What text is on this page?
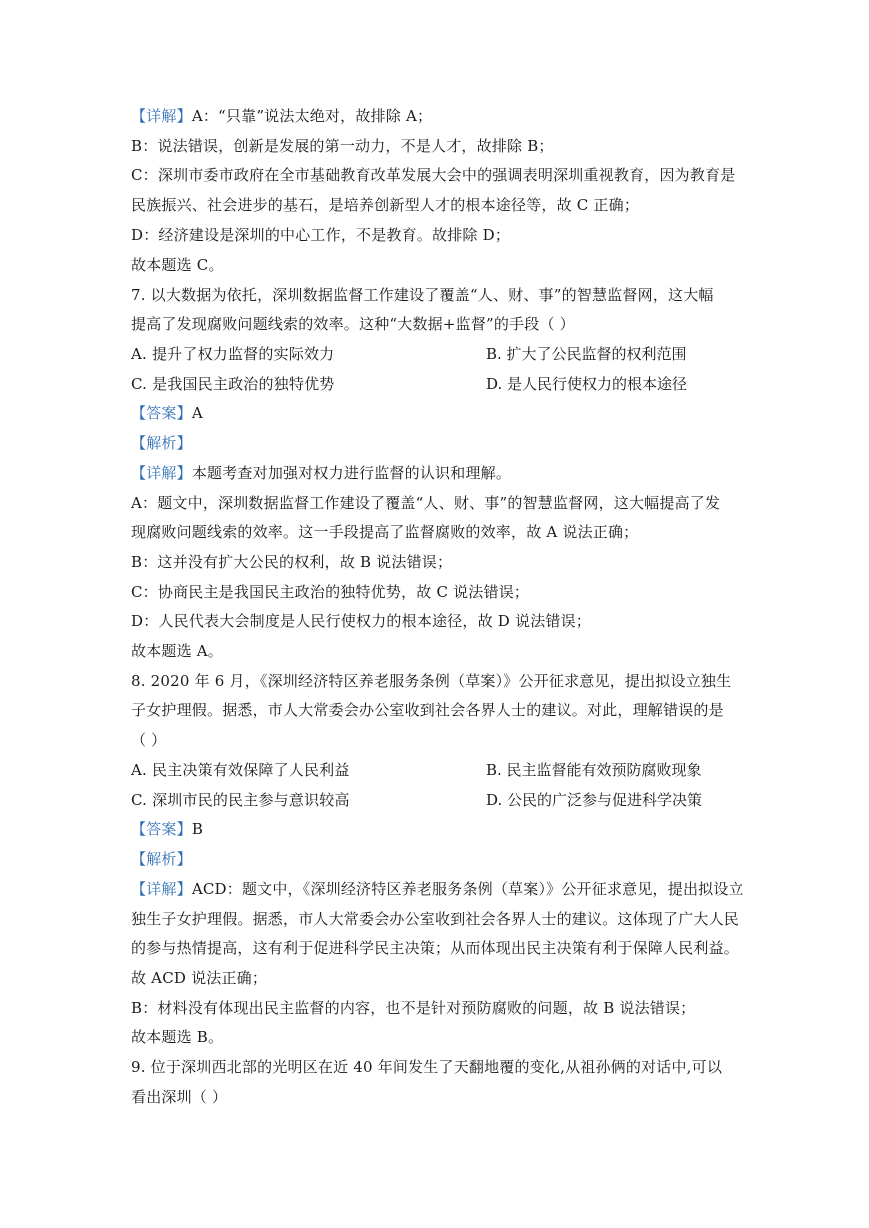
【详解】A：“只靠”说法太绝对，故排除 A；
B：说法错误，创新是发展的第一动力，不是人才，故排除 B；
C：深圳市委市政府在全市基础教育改革发展大会中的强调表明深圳重视教育，因为教育是
民族振兴、社会进步的基石，是培养创新型人才的根本途径等，故 C 正确；
D：经济建设是深圳的中心工作，不是教育。故排除 D；
故本题选 C。
7. 以大数据为依托，深圳数据监督工作建设了覆盖“人、财、事”的智慧监督网，这大幅
提高了发现腐败问题线索的效率。这种“大数据+监督”的手段（ ）
A. 提升了权力监督的实际效力	B. 扩大了公民监督的权利范围
C. 是我国民主政治的独特优势	D. 是人民行使权力的根本途径
【答案】A
【解析】
【详解】本题考查对加强对权力进行监督的认识和理解。
A：题文中，深圳数据监督工作建设了覆盖“人、财、事”的智慧监督网，这大幅提高了发
现腐败问题线索的效率。这一手段提高了监督腐败的效率，故 A 说法正确；
B：这并没有扩大公民的权利，故 B 说法错误；
C：协商民主是我国民主政治的独特优势，故 C 说法错误；
D：人民代表大会制度是人民行使权力的根本途径，故 D 说法错误；
故本题选 A。
8. 2020 年 6 月，《深圳经济特区养老服务条例（草案）》公开征求意见，提出拟设立独生
子女护理假。据悉，市人大常委会办公室收到社会各界人士的建议。对此，理解错误的是
（ ）
A. 民主决策有效保障了人民利益	B. 民主监督能有效预防腐败现象
C. 深圳市民的民主参与意识较高	D. 公民的广泛参与促进科学决策
【答案】B
【解析】
【详解】ACD：题文中，《深圳经济特区养老服务条例（草案）》公开征求意见，提出拟设立
独生子女护理假。据悉，市人大常委会办公室收到社会各界人士的建议。这体现了广大人民
的参与热情提高，这有利于促进科学民主决策；从而体现出民主决策有利于保障人民利益。
故 ACD 说法正确；
B：材料没有体现出民主监督的内容，也不是针对预防腐败的问题，故 B 说法错误；
故本题选 B。
9. 位于深圳西北部的光明区在近 40 年间发生了天翻地覆的变化,从祖孙俩的对话中,可以
看出深圳（ ）
